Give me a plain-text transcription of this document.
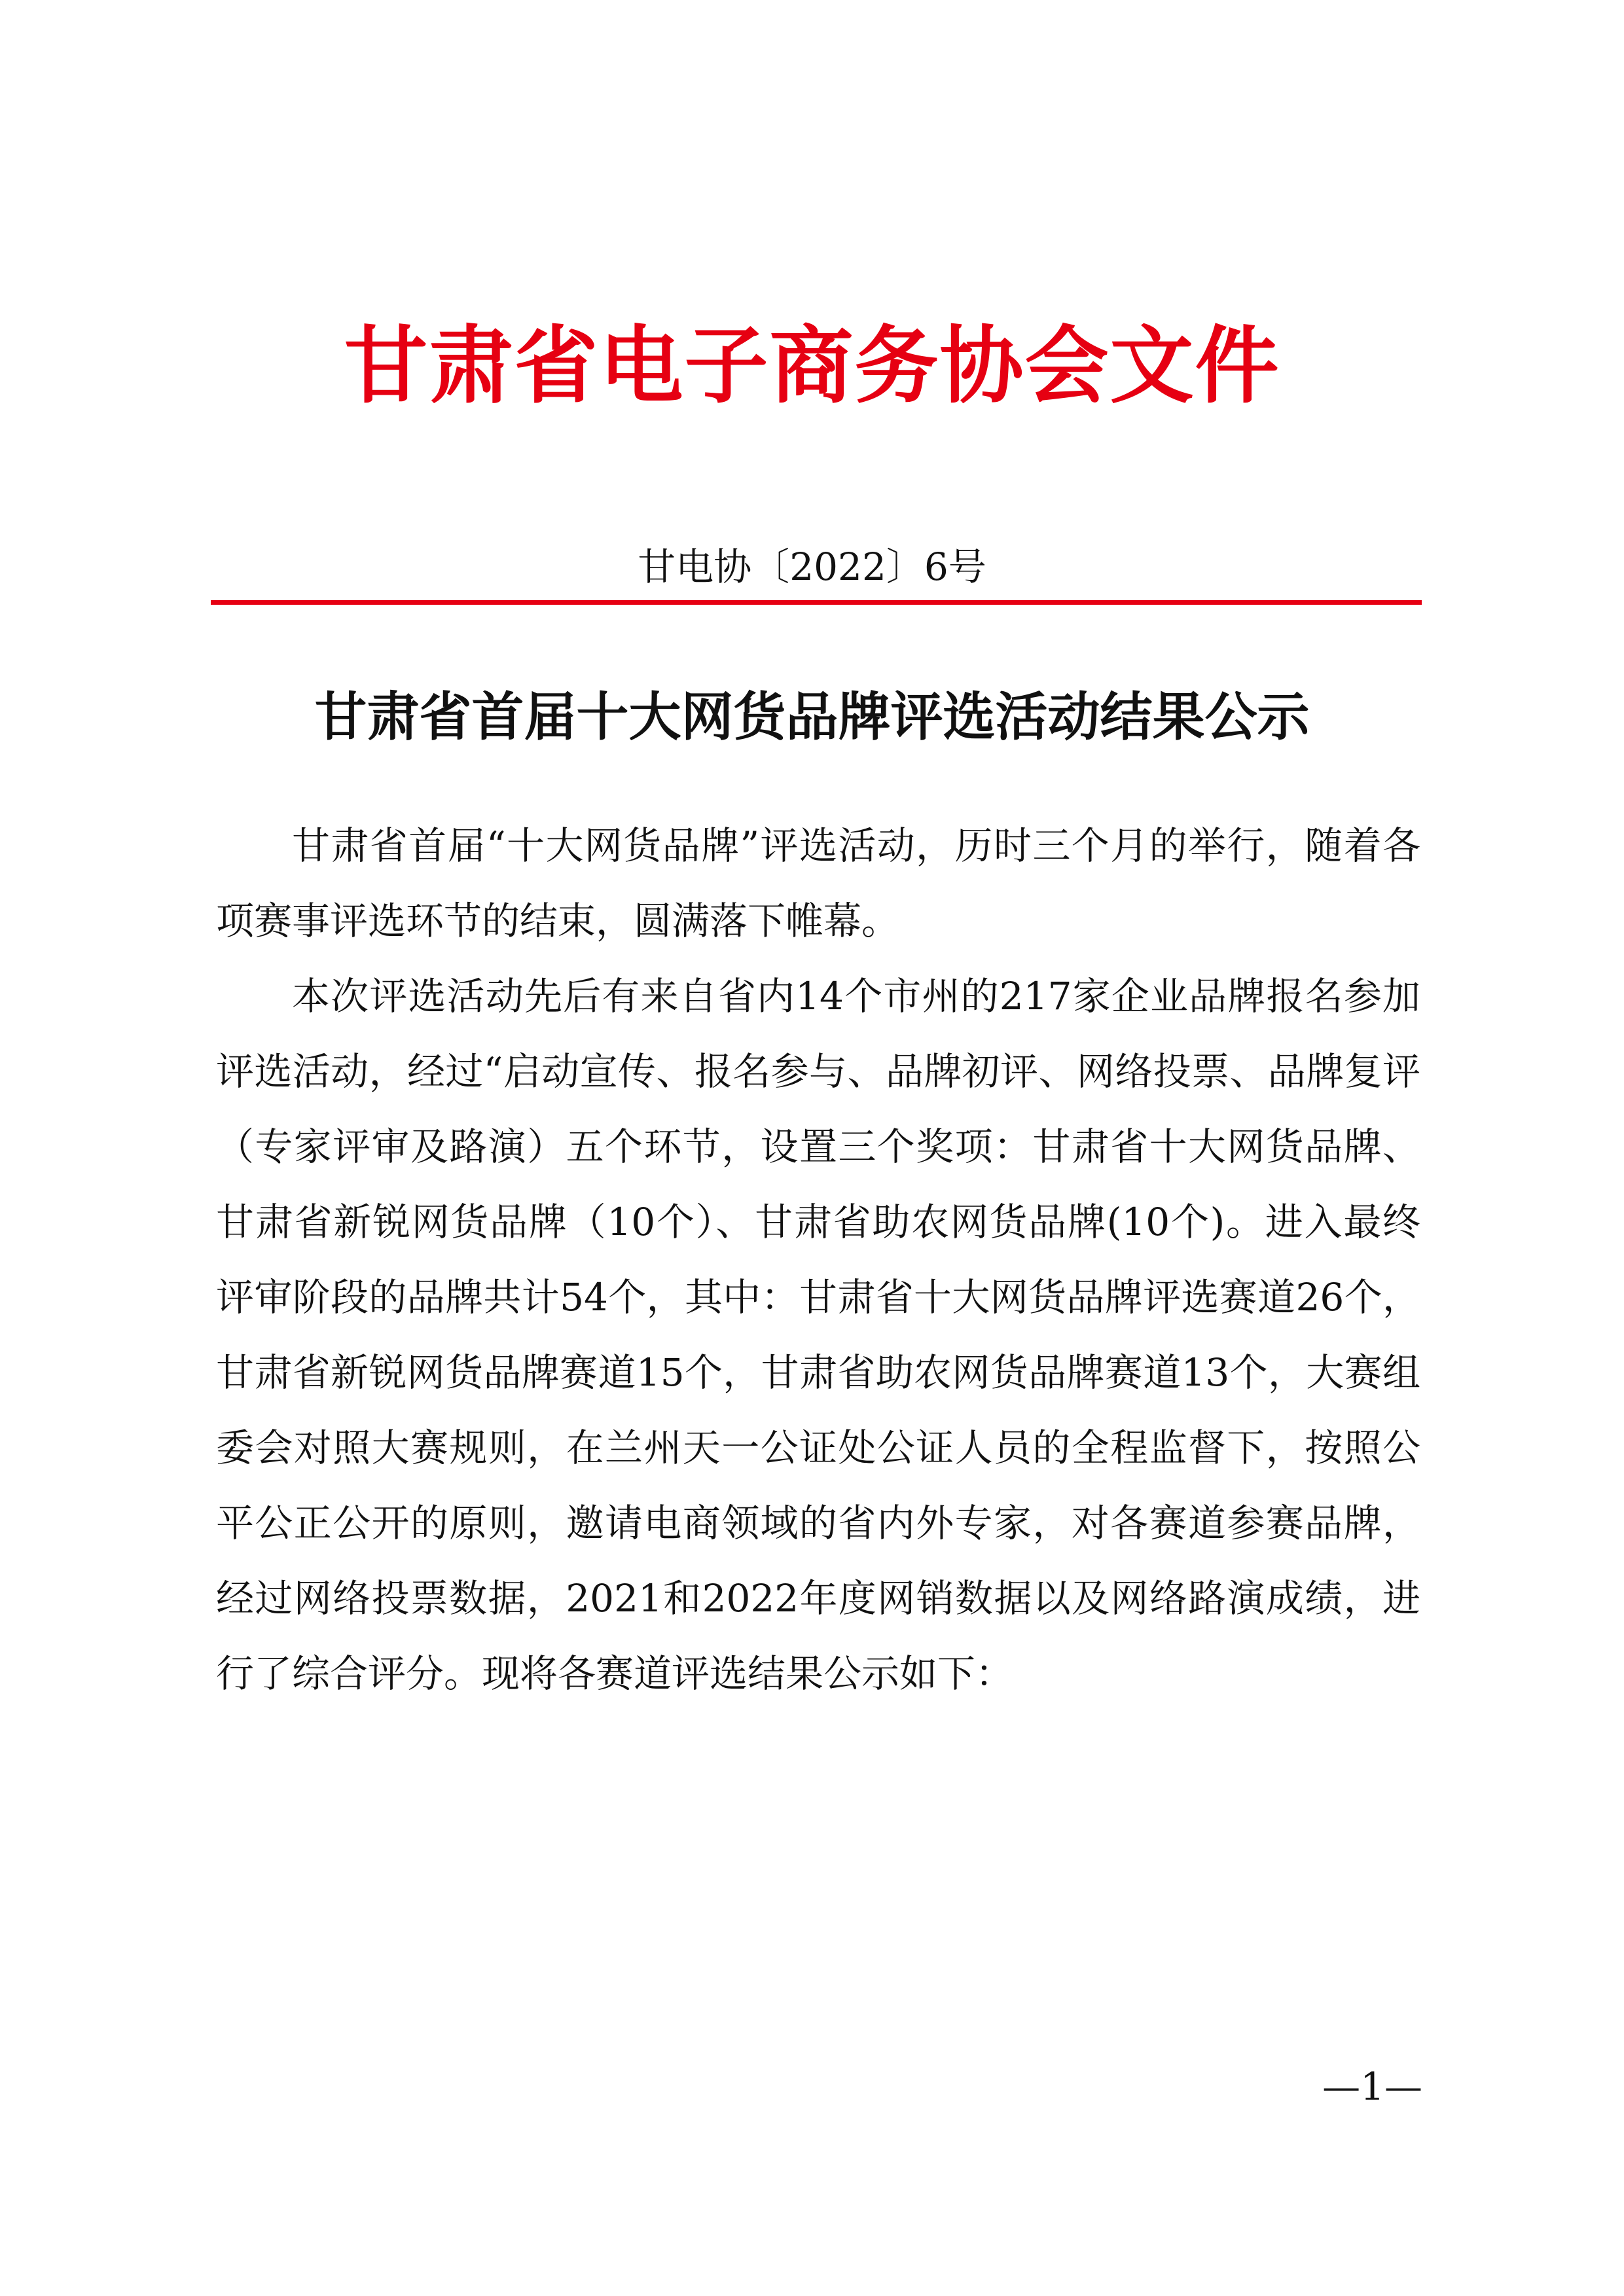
甘肃省电子商务协会文件
甘电协〔2022〕6号
甘肃省首届十大网货品牌评选活动结果公示

甘肃省首届“十大网货品牌”评选活动，历时三个月的举行，随着各项赛事评选环节的结束，圆满落下帷幕。

本次评选活动先后有来自省内14个市州的217家企业品牌报名参加评选活动，经过“启动宣传、报名参与、品牌初评、网络投票、品牌复评（专家评审及路演）五个环节，设置三个奖项：甘肃省十大网货品牌、甘肃省新锐网货品牌（10个）、甘肃省助农网货品牌(10个)。进入最终评审阶段的品牌共计54个，其中：甘肃省十大网货品牌评选赛道26个，甘肃省新锐网货品牌赛道15个，甘肃省助农网货品牌赛道13个，大赛组委会对照大赛规则，在兰州天一公证处公证人员的全程监督下，按照公平公正公开的原则，邀请电商领域的省内外专家，对各赛道参赛品牌，经过网络投票数据，2021和2022年度网销数据以及网络路演成绩，进行了综合评分。现将各赛道评选结果公示如下：

—1—
